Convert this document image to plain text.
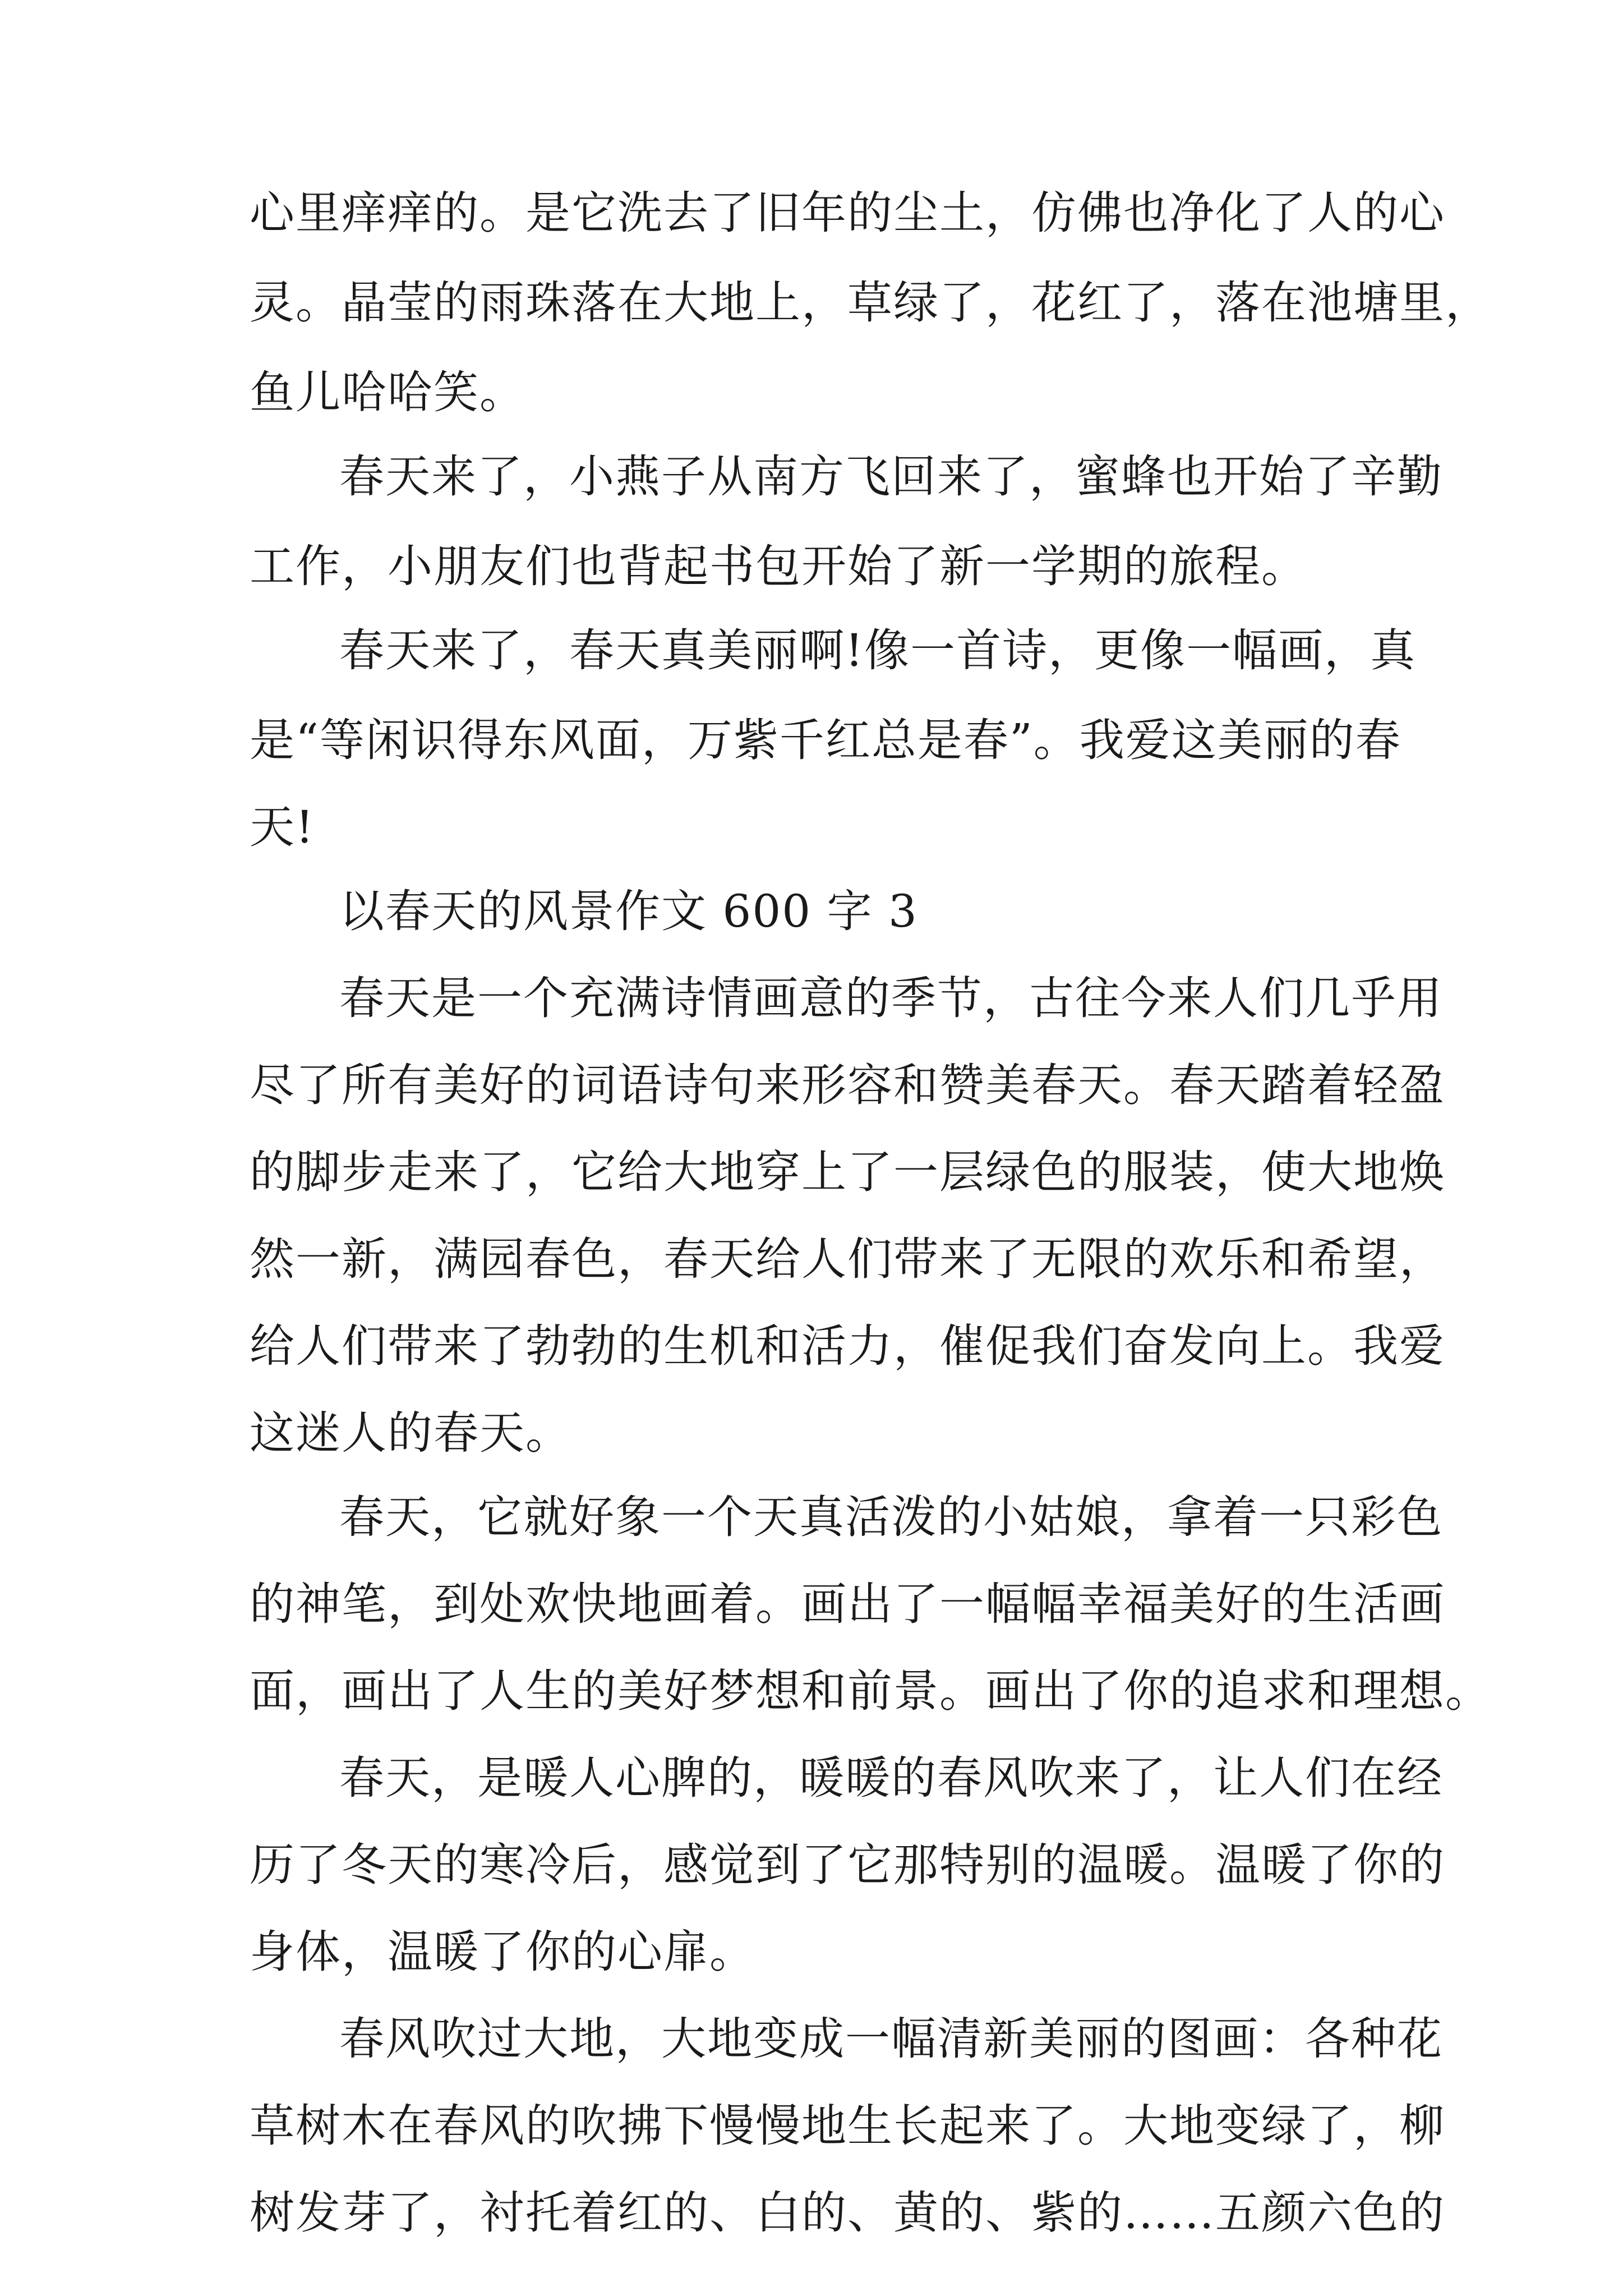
心里痒痒的。是它洗去了旧年的尘土，仿佛也净化了人的心
灵。晶莹的雨珠落在大地上，草绿了，花红了，落在池塘里，
鱼儿哈哈笑。
春天来了，小燕子从南方飞回来了，蜜蜂也开始了辛勤
工作，小朋友们也背起书包开始了新一学期的旅程。
春天来了，春天真美丽啊!像一首诗，更像一幅画，真
是“等闲识得东风面，万紫千红总是春”。我爱这美丽的春
天!
以春天的风景作文 600 字 3
春天是一个充满诗情画意的季节，古往今来人们几乎用
尽了所有美好的词语诗句来形容和赞美春天。春天踏着轻盈
的脚步走来了，它给大地穿上了一层绿色的服装，使大地焕
然一新，满园春色，春天给人们带来了无限的欢乐和希望，
给人们带来了勃勃的生机和活力，催促我们奋发向上。我爱
这迷人的春天。
春天，它就好象一个天真活泼的小姑娘，拿着一只彩色
的神笔，到处欢快地画着。画出了一幅幅幸福美好的生活画
面，画出了人生的美好梦想和前景。画出了你的追求和理想。
春天，是暖人心脾的，暖暖的春风吹来了，让人们在经
历了冬天的寒冷后，感觉到了它那特别的温暖。温暖了你的
身体，温暖了你的心扉。
春风吹过大地，大地变成一幅清新美丽的图画：各种花
草树木在春风的吹拂下慢慢地生长起来了。大地变绿了，柳
树发芽了，衬托着红的、白的、黄的、紫的……五颜六色的
